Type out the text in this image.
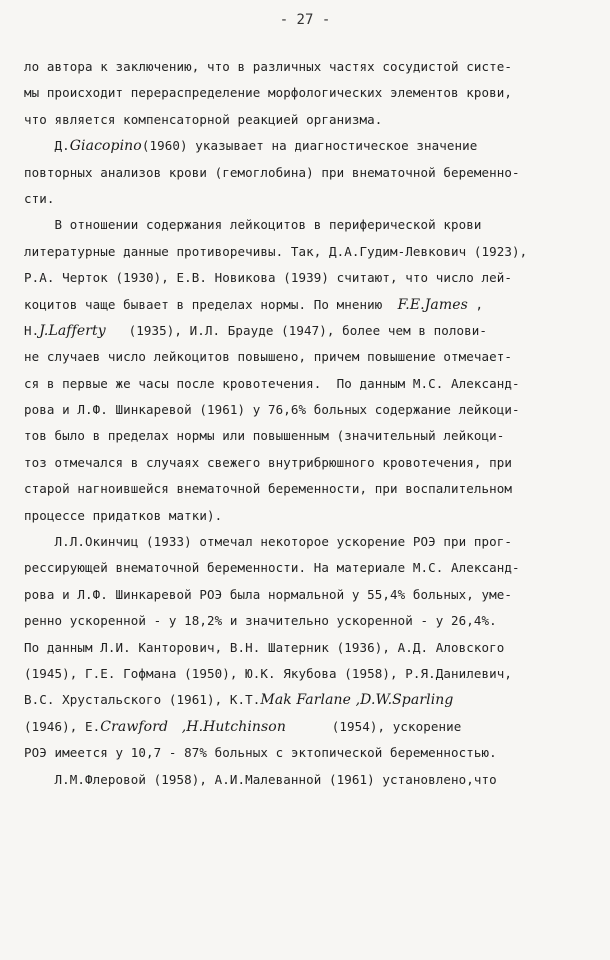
- 27 -
ло автора к заключению, что в различных частях сосудистой систе-
мы происходит перераспределение морфологических элементов крови,
что является компенсаторной реакцией организма.
Д.Giacopino(1960) указывает на диагностическое значение
повторных анализов крови (гемоглобина) при внематочной беременно-
сти.
В отношении содержания лейкоцитов в периферической крови
литературные данные противоречивы. Так, Д.А.Гудим-Левкович (1923),
Р.А. Черток (1930), Е.В. Новикова (1939) считают, что число лей-
коцитов чаще бывает в пределах нормы. По мнению  F.E.James ,
H.J.Lafferty   (1935), И.Л. Брауде (1947), более чем в полови-
не случаев число лейкоцитов повышено, причем повышение отмечает-
ся в первые же часы после кровотечения.  По данным М.С. Александ-
рова и Л.Ф. Шинкаревой (1961) у 76,6% больных содержание лейкоци-
тов было в пределах нормы или повышенным (значительный лейкоци-
тоз отмечался в случаях свежего внутрибрюшного кровотечения, при
старой нагноившейся внематочной беременности, при воспалительном
процессе придатков матки).
Л.Л.Окинчиц (1933) отмечал некоторое ускорение РОЭ при прог-
рессирующей внематочной беременности. На материале М.С. Александ-
рова и Л.Ф. Шинкаревой РОЭ была нормальной у 55,4% больных, уме-
ренно ускоренной - у 18,2% и значительно ускоренной - у 26,4%.
По данным Л.И. Канторович, В.Н. Шатерник (1936), А.Д. Аловского
(1945), Г.Е. Гофмана (1950), Ю.К. Якубова (1958), Р.Я.Данилевич,
В.С. Хрустальского (1961), К.Т.Mak Farlane ,D.W.Sparling
(1946), Е.Crawford   ,H.Hutchinson      (1954), ускорение
РОЭ имеется у 10,7 - 87% больных с эктопической беременностью.
Л.М.Флеровой (1958), А.И.Малеванной (1961) установлено,что
